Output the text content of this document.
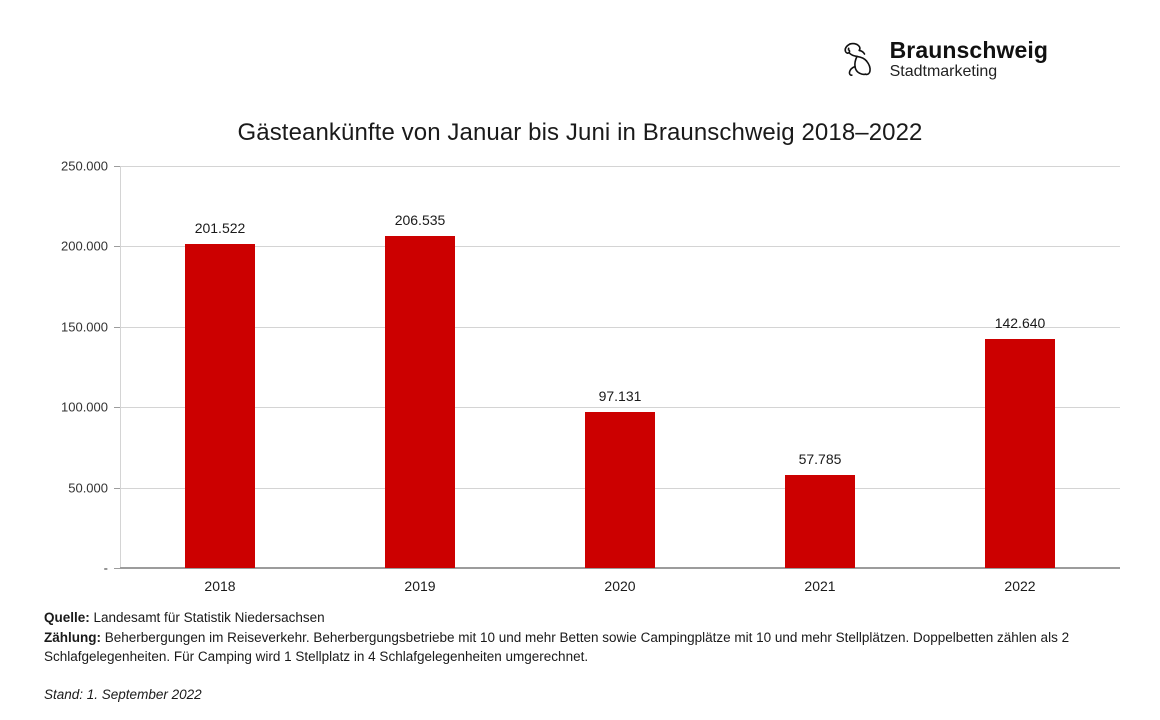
Braunschweig
Stadtmarketing
Gästeankünfte von Januar bis Juni in Braunschweig 2018–2022
-
50.000
100.000
150.000
200.000
250.000
201.522
2018
206.535
2019
97.131
2020
57.785
2021
142.640
2022

Quelle: Landesamt für Statistik Niedersachsen

Zählung: Beherbergungen im Reiseverkehr. Beherbergungsbetriebe mit 10 und mehr Betten sowie Campingplätze mit 10 und mehr Stellplätzen. Doppelbetten zählen als 2 Schlafgelegenheiten. Für Camping wird 1 Stellplatz in 4 Schlafgelegenheiten umgerechnet.

Stand: 1. September 2022
